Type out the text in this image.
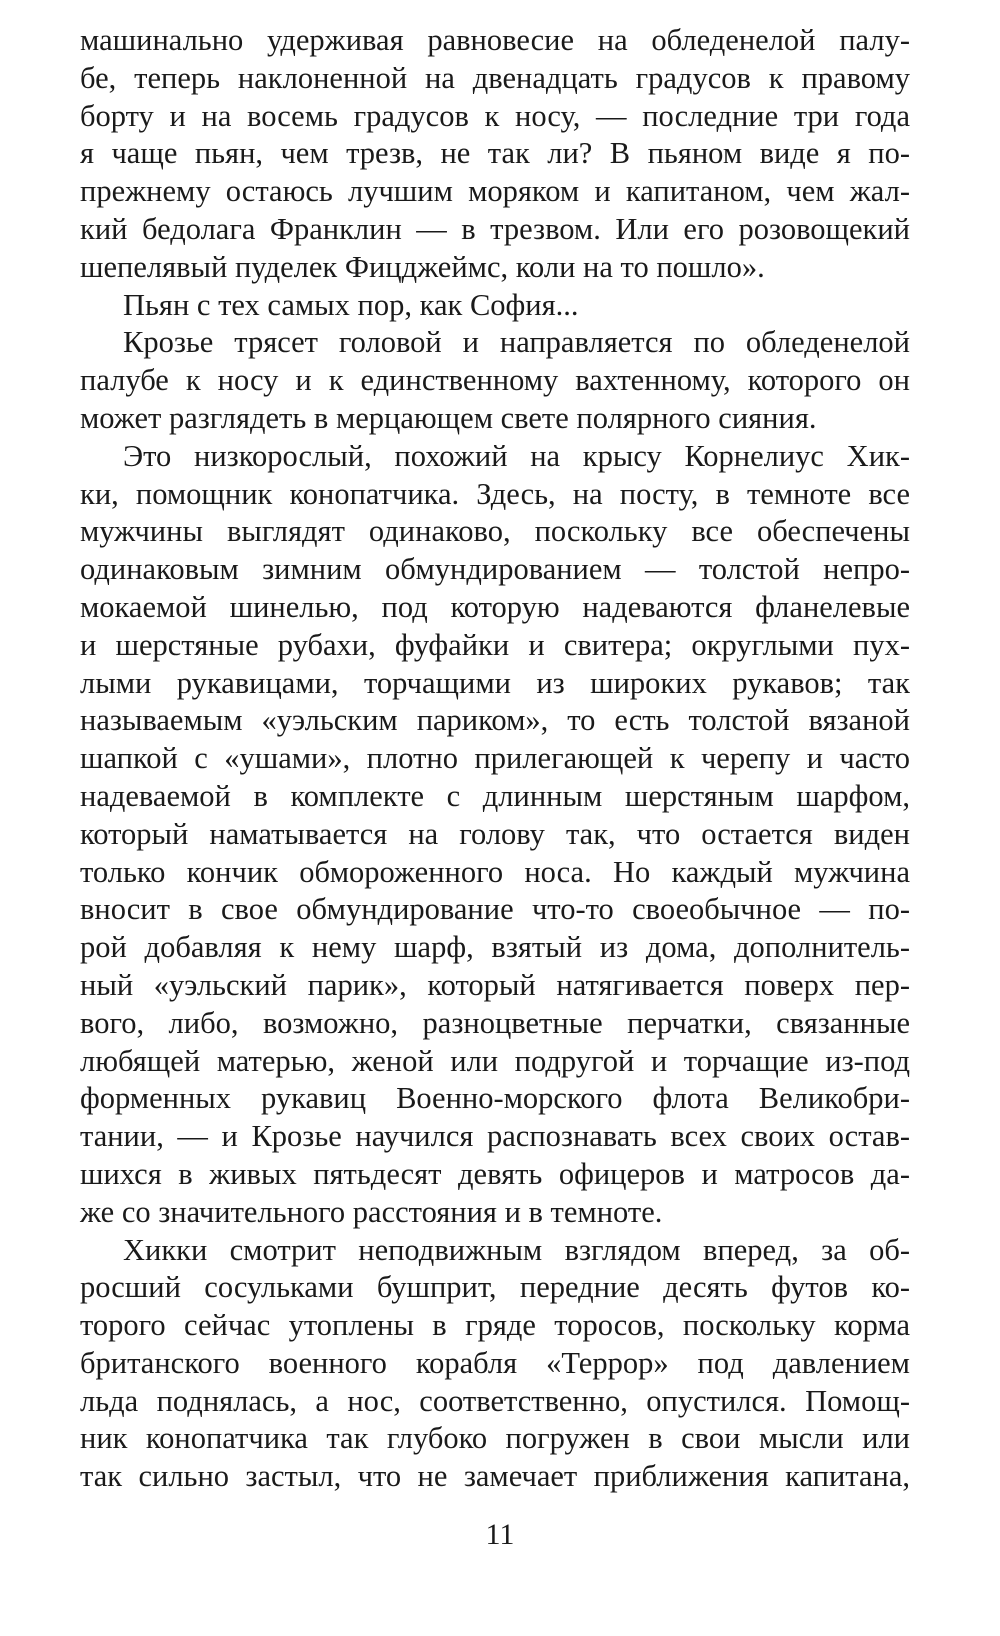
машинально удерживая равновесие на обледенелой палу-
бе, теперь наклоненной на двенадцать градусов к правому
борту и на восемь градусов к носу, — последние три года
я чаще пьян, чем трезв, не так ли? В пьяном виде я по-
прежнему остаюсь лучшим моряком и капитаном, чем жал-
кий бедолага Франклин — в трезвом. Или его розовощекий
шепелявый пуделек Фицджеймс, коли на то пошло».
Пьян с тех самых пор, как София...
Крозье трясет головой и направляется по обледенелой
палубе к носу и к единственному вахтенному, которого он
может разглядеть в мерцающем свете полярного сияния.
Это низкорослый, похожий на крысу Корнелиус Хик-
ки, помощник конопатчика. Здесь, на посту, в темноте все
мужчины выглядят одинаково, поскольку все обеспечены
одинаковым зимним обмундированием — толстой непро-
мокаемой шинелью, под которую надеваются фланелевые
и шерстяные рубахи, фуфайки и свитера; округлыми пух-
лыми рукавицами, торчащими из широких рукавов; так
называемым «уэльским париком», то есть толстой вязаной
шапкой с «ушами», плотно прилегающей к черепу и часто
надеваемой в комплекте с длинным шерстяным шарфом,
который наматывается на голову так, что остается виден
только кончик обмороженного носа. Но каждый мужчина
вносит в свое обмундирование что-то своеобычное — по-
рой добавляя к нему шарф, взятый из дома, дополнитель-
ный «уэльский парик», который натягивается поверх пер-
вого, либо, возможно, разноцветные перчатки, связанные
любящей матерью, женой или подругой и торчащие из-под
форменных рукавиц Военно-морского флота Великобри-
тании, — и Крозье научился распознавать всех своих остав-
шихся в живых пятьдесят девять офицеров и матросов да-
же со значительного расстояния и в темноте.
Хикки смотрит неподвижным взглядом вперед, за об-
росший сосульками бушприт, передние десять футов ко-
торого сейчас утоплены в гряде торосов, поскольку корма
британского военного корабля «Террор» под давлением
льда поднялась, а нос, соответственно, опустился. Помощ-
ник конопатчика так глубоко погружен в свои мысли или
так сильно застыл, что не замечает приближения капитана,
11
